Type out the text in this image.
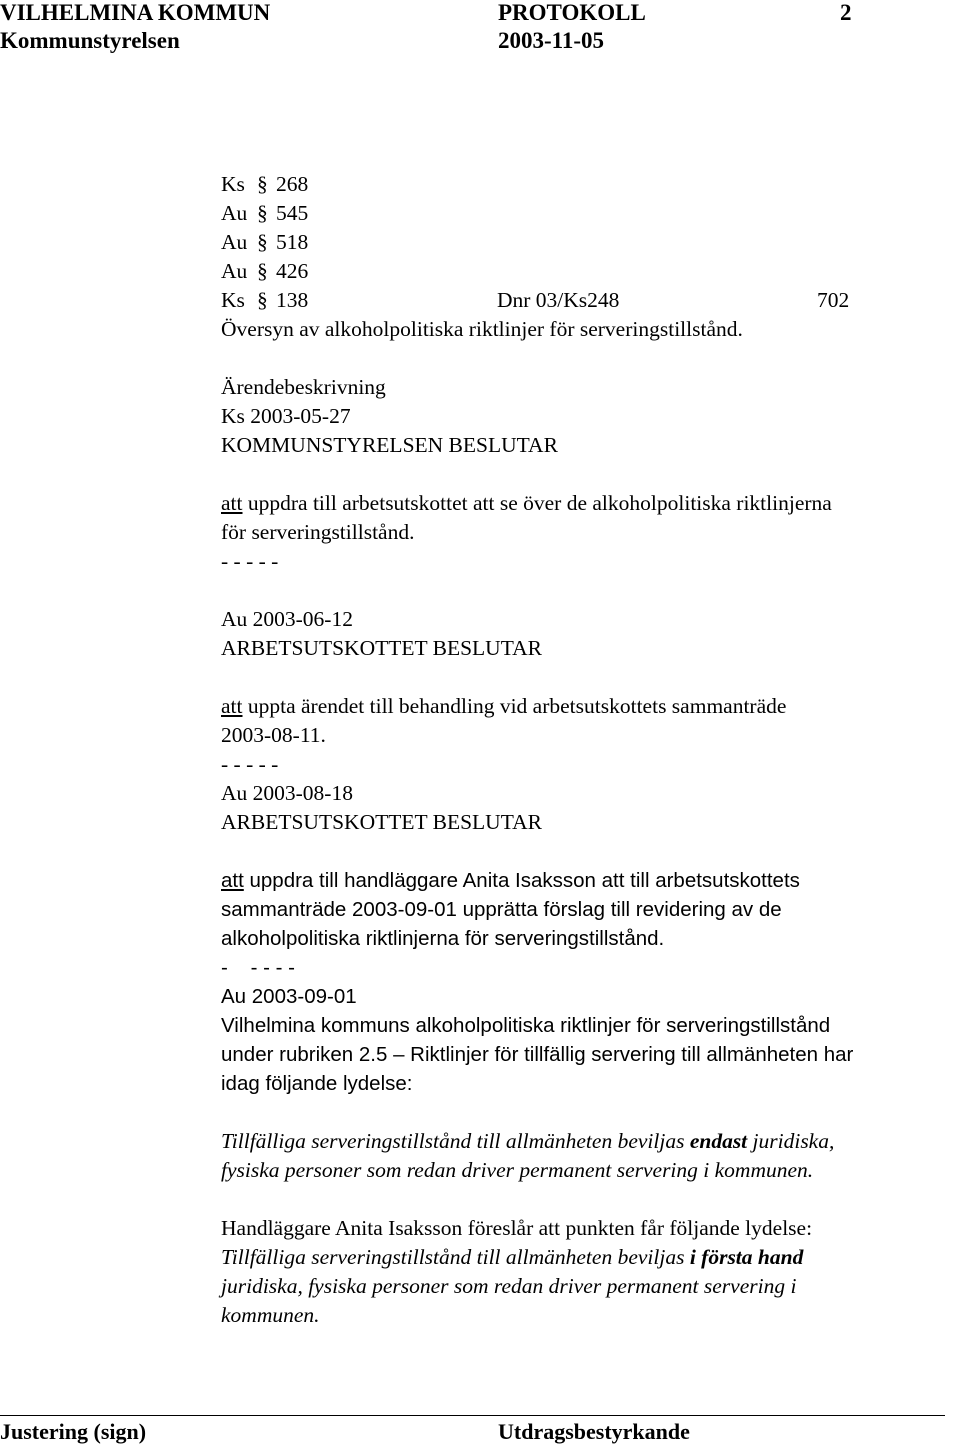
VILHELMINA KOMMUN	PROTOKOLL	2
Kommunstyrelsen	2003-11-05
Ks § 268
Au § 545
Au § 518
Au § 426
Ks § 138	Dnr 03/Ks248	702
Översyn av alkoholpolitiska riktlinjer för serveringstillstånd.
Ärendebeskrivning
Ks 2003-05-27
KOMMUNSTYRELSEN BESLUTAR
att uppdra till arbetsutskottet att se över de alkoholpolitiska riktlinjerna
för serveringstillstånd.
- - - - -
Au 2003-06-12
ARBETSUTSKOTTET BESLUTAR
att uppta ärendet till behandling vid arbetsutskottets sammanträde
2003-08-11.
- - - - -
Au 2003-08-18
ARBETSUTSKOTTET BESLUTAR
att uppdra till handläggare Anita Isaksson att till arbetsutskottets
sammanträde 2003-09-01 upprätta förslag till revidering av de
alkoholpolitiska riktlinjerna för serveringstillstånd.
-    - - - -
Au 2003-09-01
Vilhelmina kommuns alkoholpolitiska riktlinjer för serveringstillstånd
under rubriken 2.5 – Riktlinjer för tillfällig servering till allmänheten har
idag följande lydelse:
Tillfälliga serveringstillstånd till allmänheten beviljas endast juridiska,
fysiska personer som redan driver permanent servering i kommunen.
Handläggare Anita Isaksson föreslår att punkten får följande lydelse:
Tillfälliga serveringstillstånd till allmänheten beviljas i första hand
juridiska, fysiska personer som redan driver permanent servering i
kommunen.
Justering (sign)	Utdragsbestyrkande
